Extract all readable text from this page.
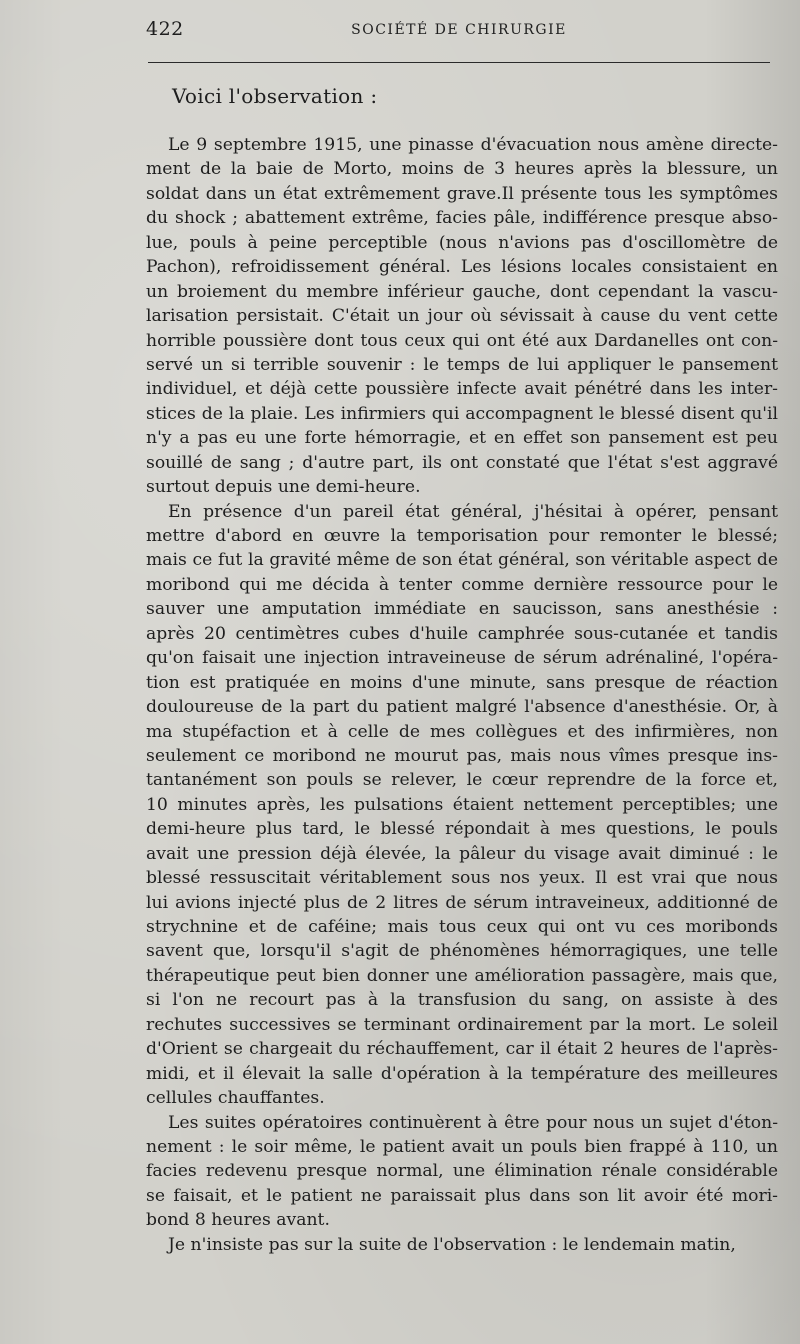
422	SOCIÉTÉ DE CHIRURGIE
Voici l'observation :
Le 9 septembre 1915, une pinasse d'évacuation nous amène directe-
ment de la baie de Morto, moins de 3 heures après la blessure, un
soldat dans un état extrêmement grave.Il présente tous les symptômes
du shock ; abattement extrême, facies pâle, indifférence presque abso-
lue, pouls à peine perceptible (nous n'avions pas d'oscillomètre de
Pachon), refroidissement général. Les lésions locales consistaient en
un broiement du membre inférieur gauche, dont cependant la vascu-
larisation persistait. C'était un jour où sévissait à cause du vent cette
horrible poussière dont tous ceux qui ont été aux Dardanelles ont con-
servé un si terrible souvenir : le temps de lui appliquer le pansement
individuel, et déjà cette poussière infecte avait pénétré dans les inter-
stices de la plaie. Les infirmiers qui accompagnent le blessé disent qu'il
n'y a pas eu une forte hémorragie, et en effet son pansement est peu
souillé de sang ; d'autre part, ils ont constaté que l'état s'est aggravé
surtout depuis une demi-heure.
En présence d'un pareil état général, j'hésitai à opérer, pensant
mettre d'abord en œuvre la temporisation pour remonter le blessé;
mais ce fut la gravité même de son état général, son véritable aspect de
moribond qui me décida à tenter comme dernière ressource pour le
sauver une amputation immédiate en saucisson, sans anesthésie :
après 20 centimètres cubes d'huile camphrée sous-cutanée et tandis
qu'on faisait une injection intraveineuse de sérum adrénaliné, l'opéra-
tion est pratiquée en moins d'une minute, sans presque de réaction
douloureuse de la part du patient malgré l'absence d'anesthésie. Or, à
ma stupéfaction et à celle de mes collègues et des infirmières, non
seulement ce moribond ne mourut pas, mais nous vîmes presque ins-
tantanément son pouls se relever, le cœur reprendre de la force et,
10 minutes après, les pulsations étaient nettement perceptibles; une
demi-heure plus tard, le blessé répondait à mes questions, le pouls
avait une pression déjà élevée, la pâleur du visage avait diminué : le
blessé ressuscitait véritablement sous nos yeux. Il est vrai que nous
lui avions injecté plus de 2 litres de sérum intraveineux, additionné de
strychnine et de caféine; mais tous ceux qui ont vu ces moribonds
savent que, lorsqu'il s'agit de phénomènes hémorragiques, une telle
thérapeutique peut bien donner une amélioration passagère, mais que,
si l'on ne recourt pas à la transfusion du sang, on assiste à des
rechutes successives se terminant ordinairement par la mort. Le soleil
d'Orient se chargeait du réchauffement, car il était 2 heures de l'après-
midi, et il élevait la salle d'opération à la température des meilleures
cellules chauffantes.
Les suites opératoires continuèrent à être pour nous un sujet d'éton-
nement : le soir même, le patient avait un pouls bien frappé à 110, un
facies redevenu presque normal, une élimination rénale considérable
se faisait, et le patient ne paraissait plus dans son lit avoir été mori-
bond 8 heures avant.
Je n'insiste pas sur la suite de l'observation : le lendemain matin,
